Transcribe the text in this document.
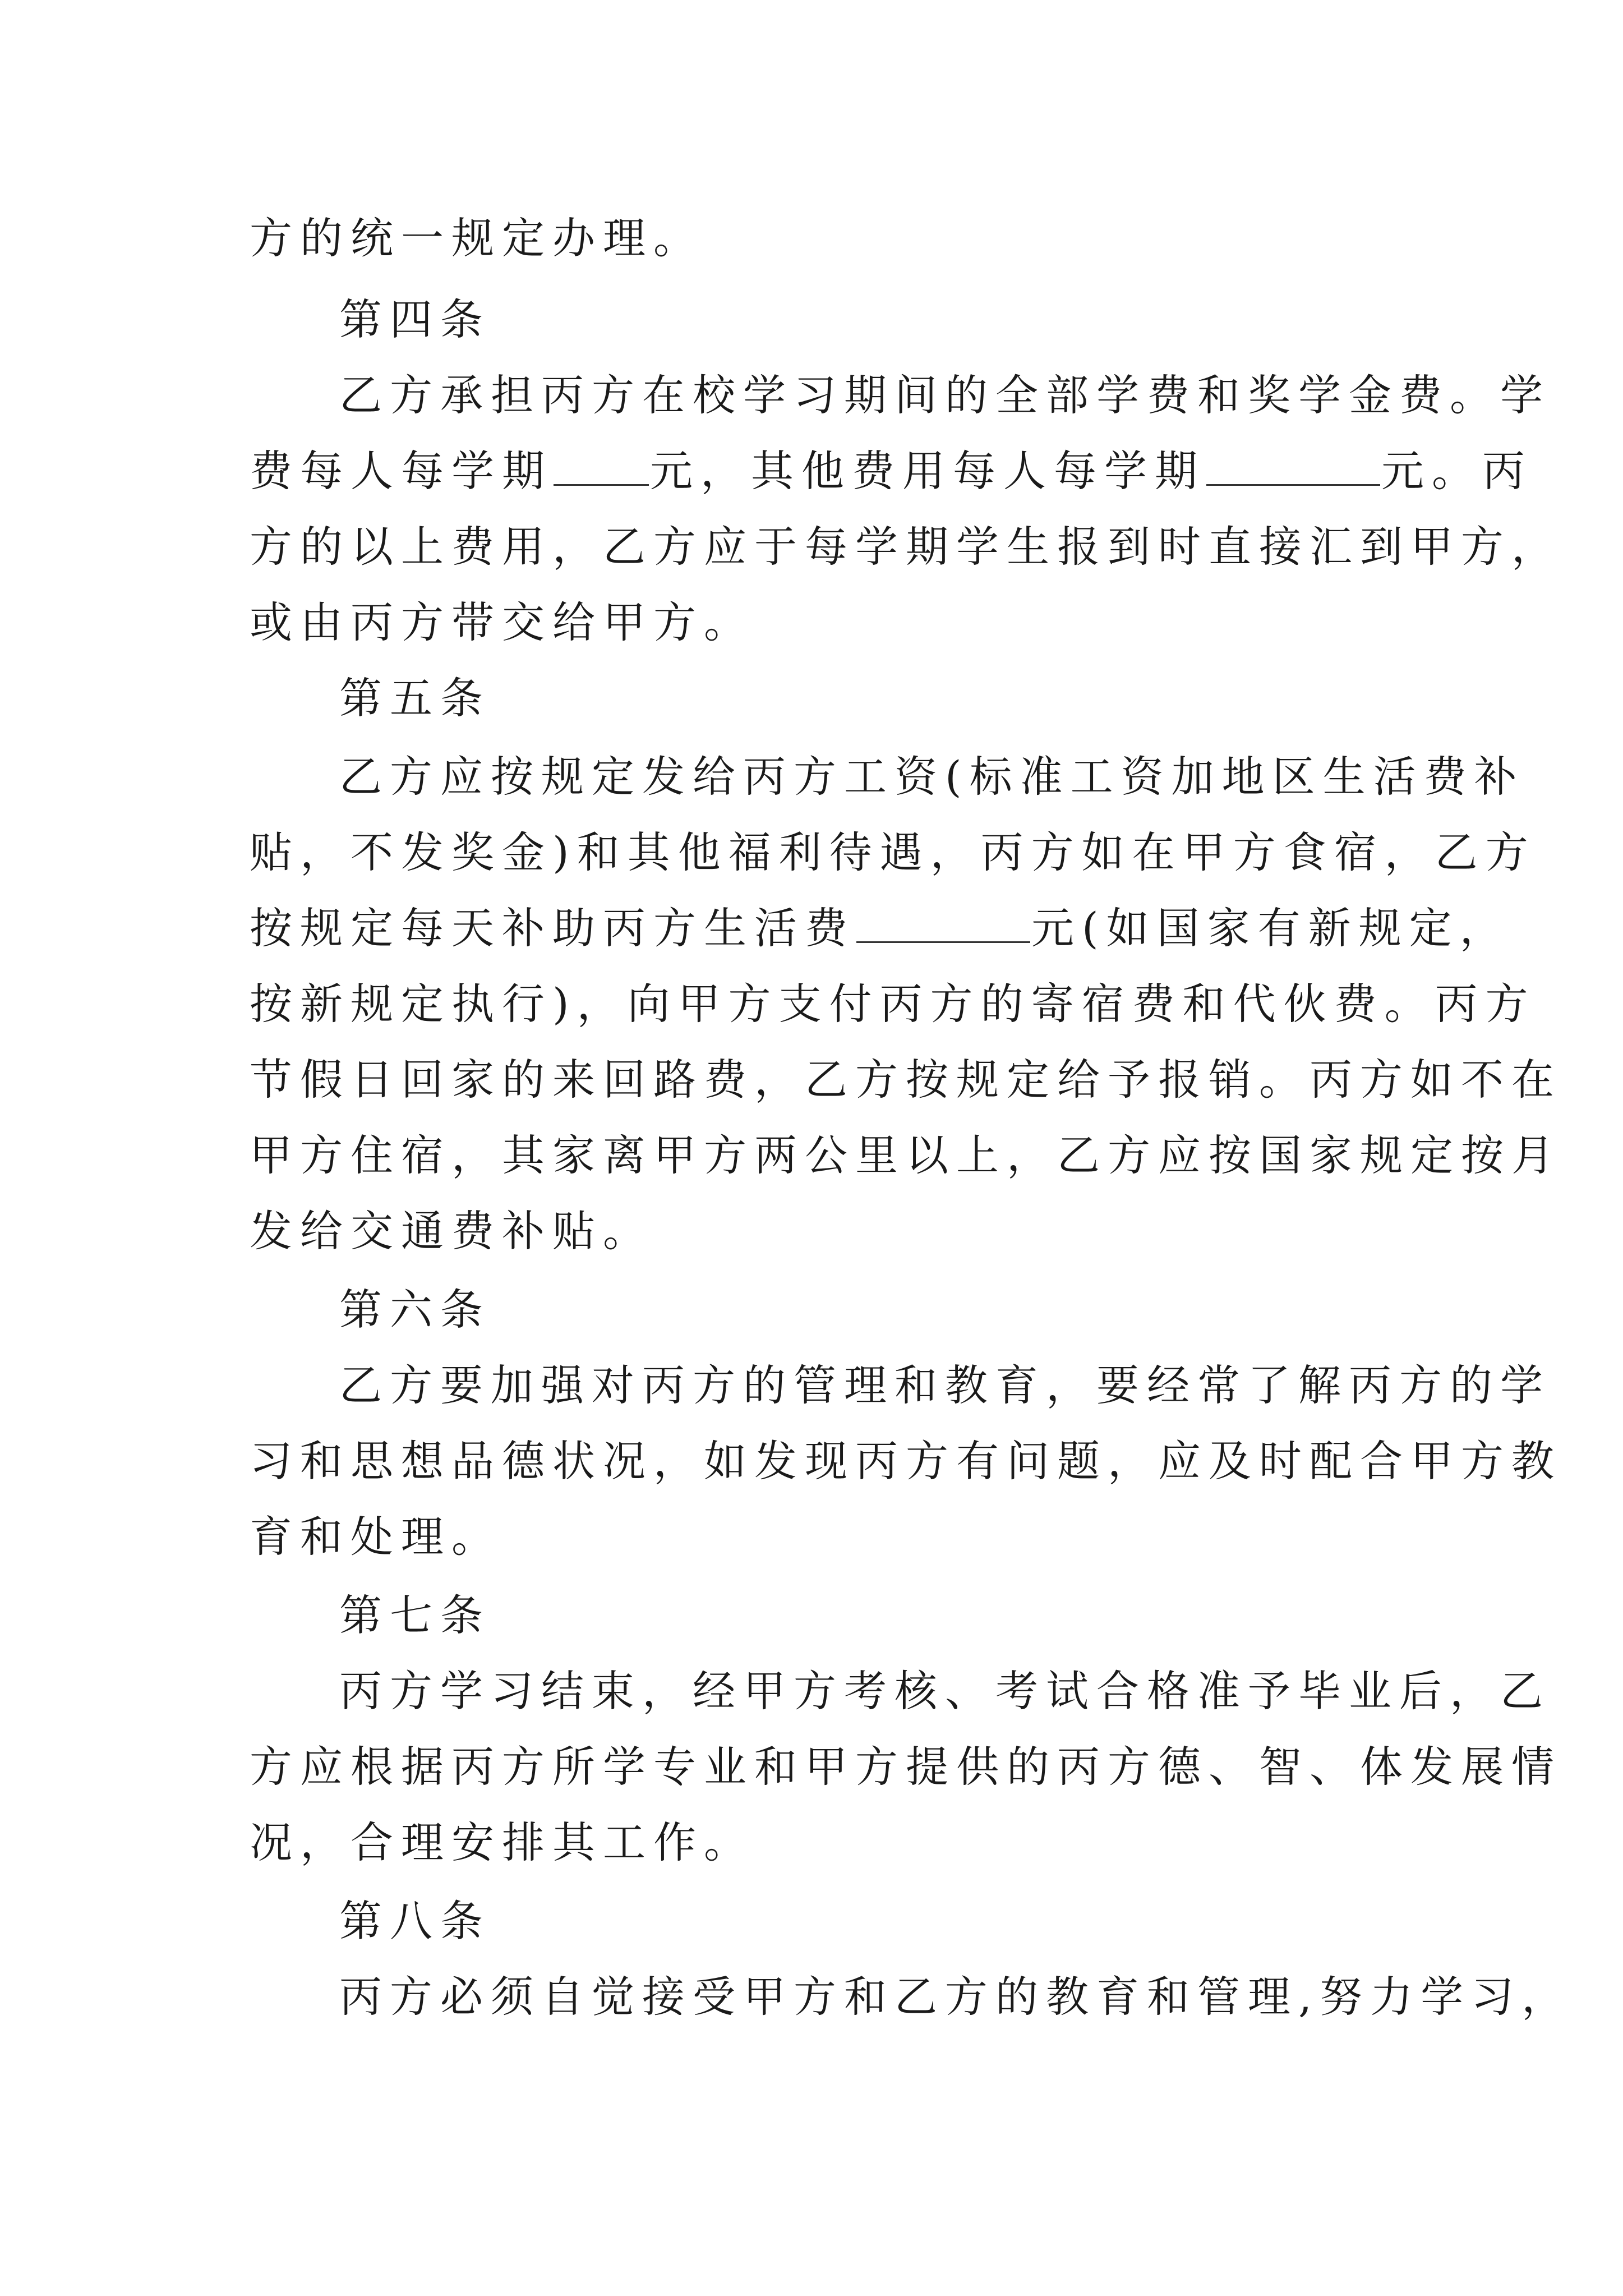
方的统一规定办理。
第四条
乙方承担丙方在校学习期间的全部学费和奖学金费。学
费每人每学期 元，其他费用每人每学期	元。丙
方的以上费用，乙方应于每学期学生报到时直接汇到甲方，
或由丙方带交给甲方。
第五条
乙方应按规定发给丙方工资(标准工资加地区生活费补
贴，不发奖金)和其他福利待遇，丙方如在甲方食宿，乙方
按规定每天补助丙方生活费	元(如国家有新规定，
按新规定执行)，向甲方支付丙方的寄宿费和代伙费。丙方
节假日回家的来回路费，乙方按规定给予报销。丙方如不在
甲方住宿，其家离甲方两公里以上，乙方应按国家规定按月
发给交通费补贴。
第六条
乙方要加强对丙方的管理和教育，要经常了解丙方的学
习和思想品德状况，如发现丙方有问题，应及时配合甲方教
育和处理。
第七条
丙方学习结束，经甲方考核、考试合格准予毕业后，乙
方应根据丙方所学专业和甲方提供的丙方德、智、体发展情
况，合理安排其工作。
第八条
丙方必须自觉接受甲方和乙方的教育和管理,努力学习，
